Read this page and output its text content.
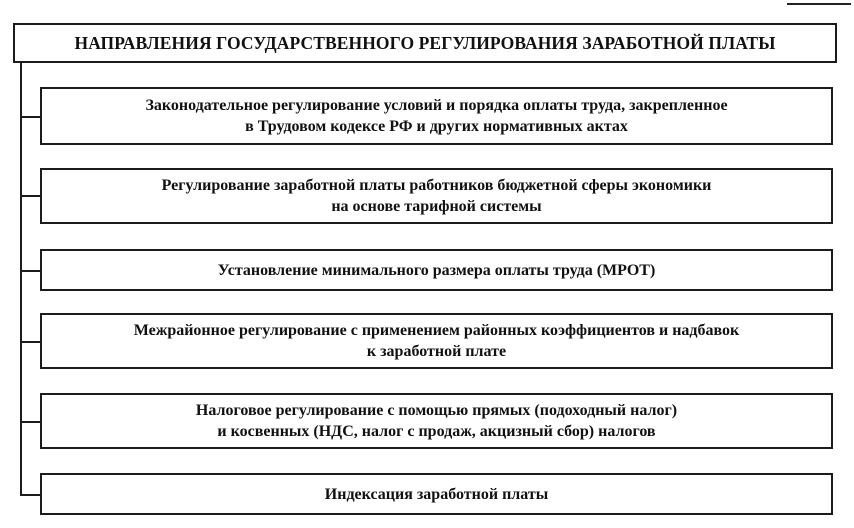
НАПРАВЛЕНИЯ ГОСУДАРСТВЕННОГО РЕГУЛИРОВАНИЯ ЗАРАБОТНОЙ ПЛАТЫ
Законодательное регулирование условий и порядка оплаты труда, закрепленное
в Трудовом кодексе РФ и других нормативных актах
Регулирование заработной платы работников бюджетной сферы экономики
на основе тарифной системы
Установление минимального размера оплаты труда (МРОТ)
Межрайонное регулирование с применением районных коэффициентов и надбавок
к заработной плате
Налоговое регулирование с помощью прямых (подоходный налог)
и косвенных (НДС, налог с продаж, акцизный сбор) налогов
Индексация заработной платы
